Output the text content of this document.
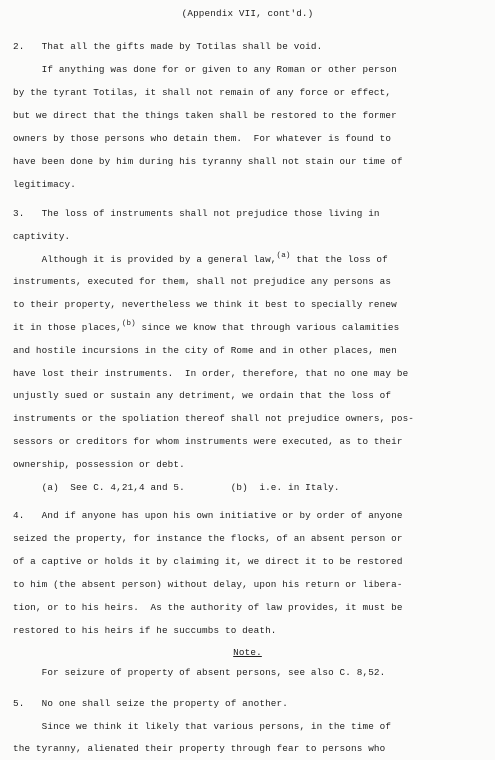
(Appendix VII, cont'd.)
2.   That all the gifts made by Totilas shall be void.
If anything was done for or given to any Roman or other person
by the tyrant Totilas, it shall not remain of any force or effect,
but we direct that the things taken shall be restored to the former
owners by those persons who detain them.  For whatever is found to
have been done by him during his tyranny shall not stain our time of
legitimacy.
3.   The loss of instruments shall not prejudice those living in
captivity.
Although it is provided by a general law,$^{(a)}$ that the loss of
instruments, executed for them, shall not prejudice any persons as
to their property, nevertheless we think it best to specially renew
it in those places,$^{(b)}$ since we know that through various calamities
and hostile incursions in the city of Rome and in other places, men
have lost their instruments.  In order, therefore, that no one may be
unjustly sued or sustain any detriment, we ordain that the loss of
instruments or the spoliation thereof shall not prejudice owners, pos-
sessors or creditors for whom instruments were executed, as to their
ownership, possession or debt.
(a)  See C. 4,21,4 and 5.        (b)  i.e. in Italy.
4.   And if anyone has upon his own initiative or by order of anyone
seized the property, for instance the flocks, of an absent person or
of a captive or holds it by claiming it, we direct it to be restored
to him (the absent person) without delay, upon his return or libera-
tion, or to his heirs.  As the authority of law provides, it must be
restored to his heirs if he succumbs to death.
Note.
For seizure of property of absent persons, see also C. 8,52.
5.   No one shall seize the property of another.
Since we think it likely that various persons, in the time of
the tyranny, alienated their property through fear to persons who
